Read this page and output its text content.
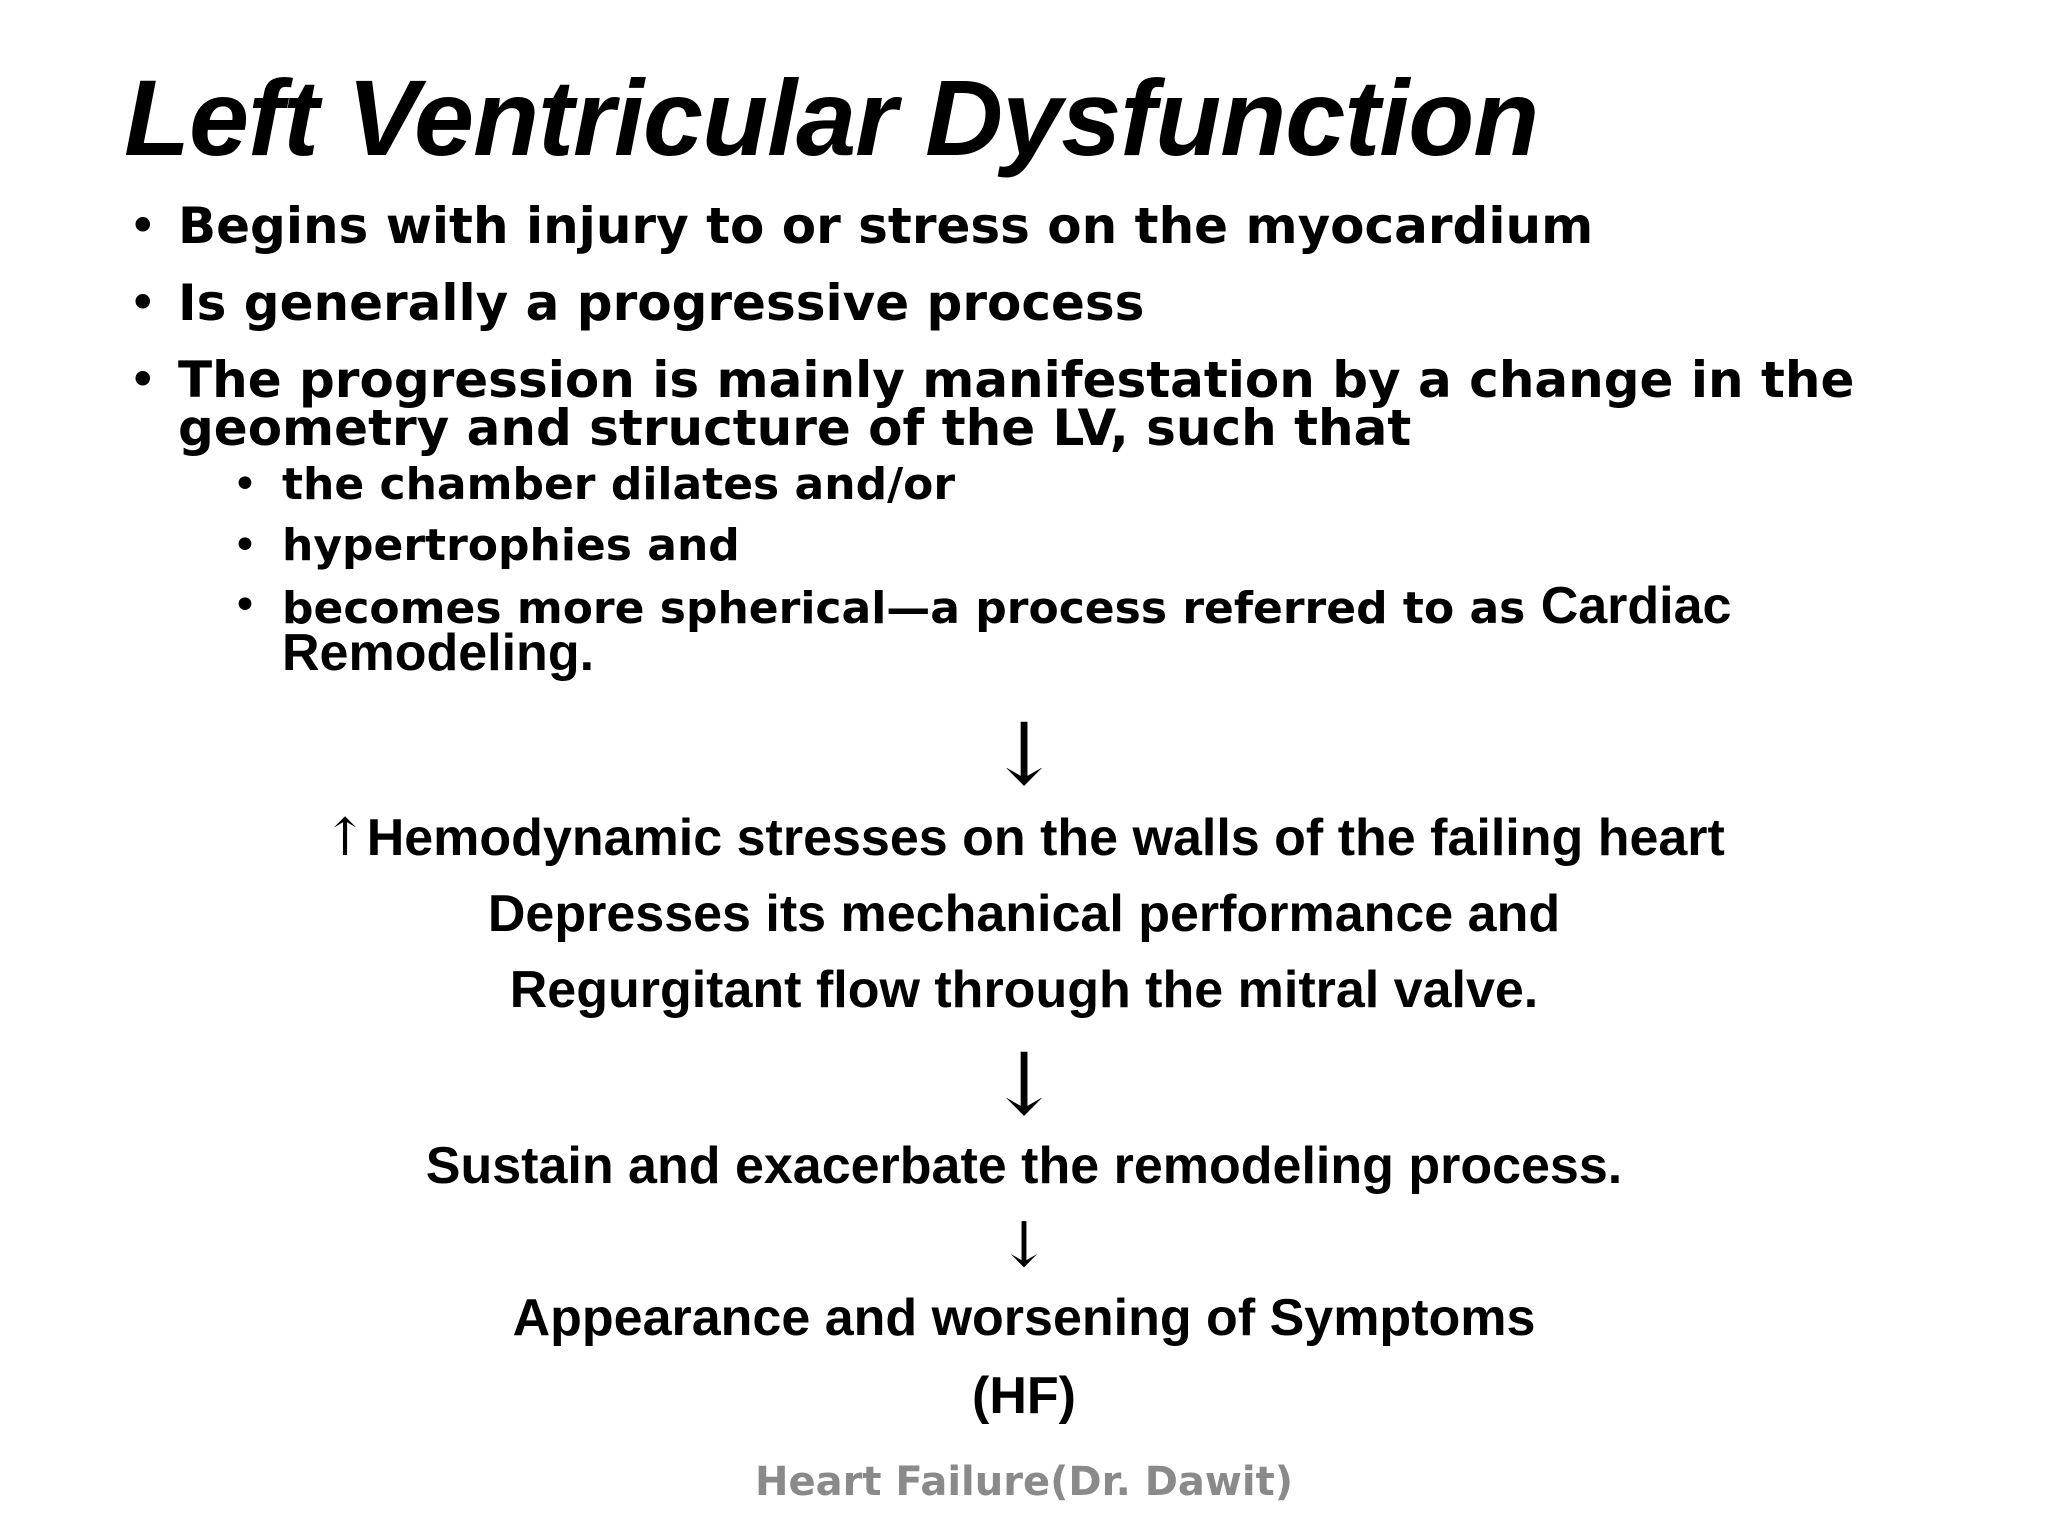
Left Ventricular Dysfunction
• Begins with injury to or stress on the myocardium
• Is generally a progressive process
• The progression is mainly manifestation by a change in the geometry and structure of the LV, such that
• the chamber dilates and/or
• hypertrophies and
• becomes more spherical—a process referred to as Cardiac Remodeling.
↓
↑Hemodynamic stresses on the walls of the failing heart
Depresses its mechanical performance and
Regurgitant flow through the mitral valve.
↓
Sustain and exacerbate the remodeling process.
↓
Appearance and worsening of Symptoms
(HF)
Heart Failure(Dr. Dawit)
